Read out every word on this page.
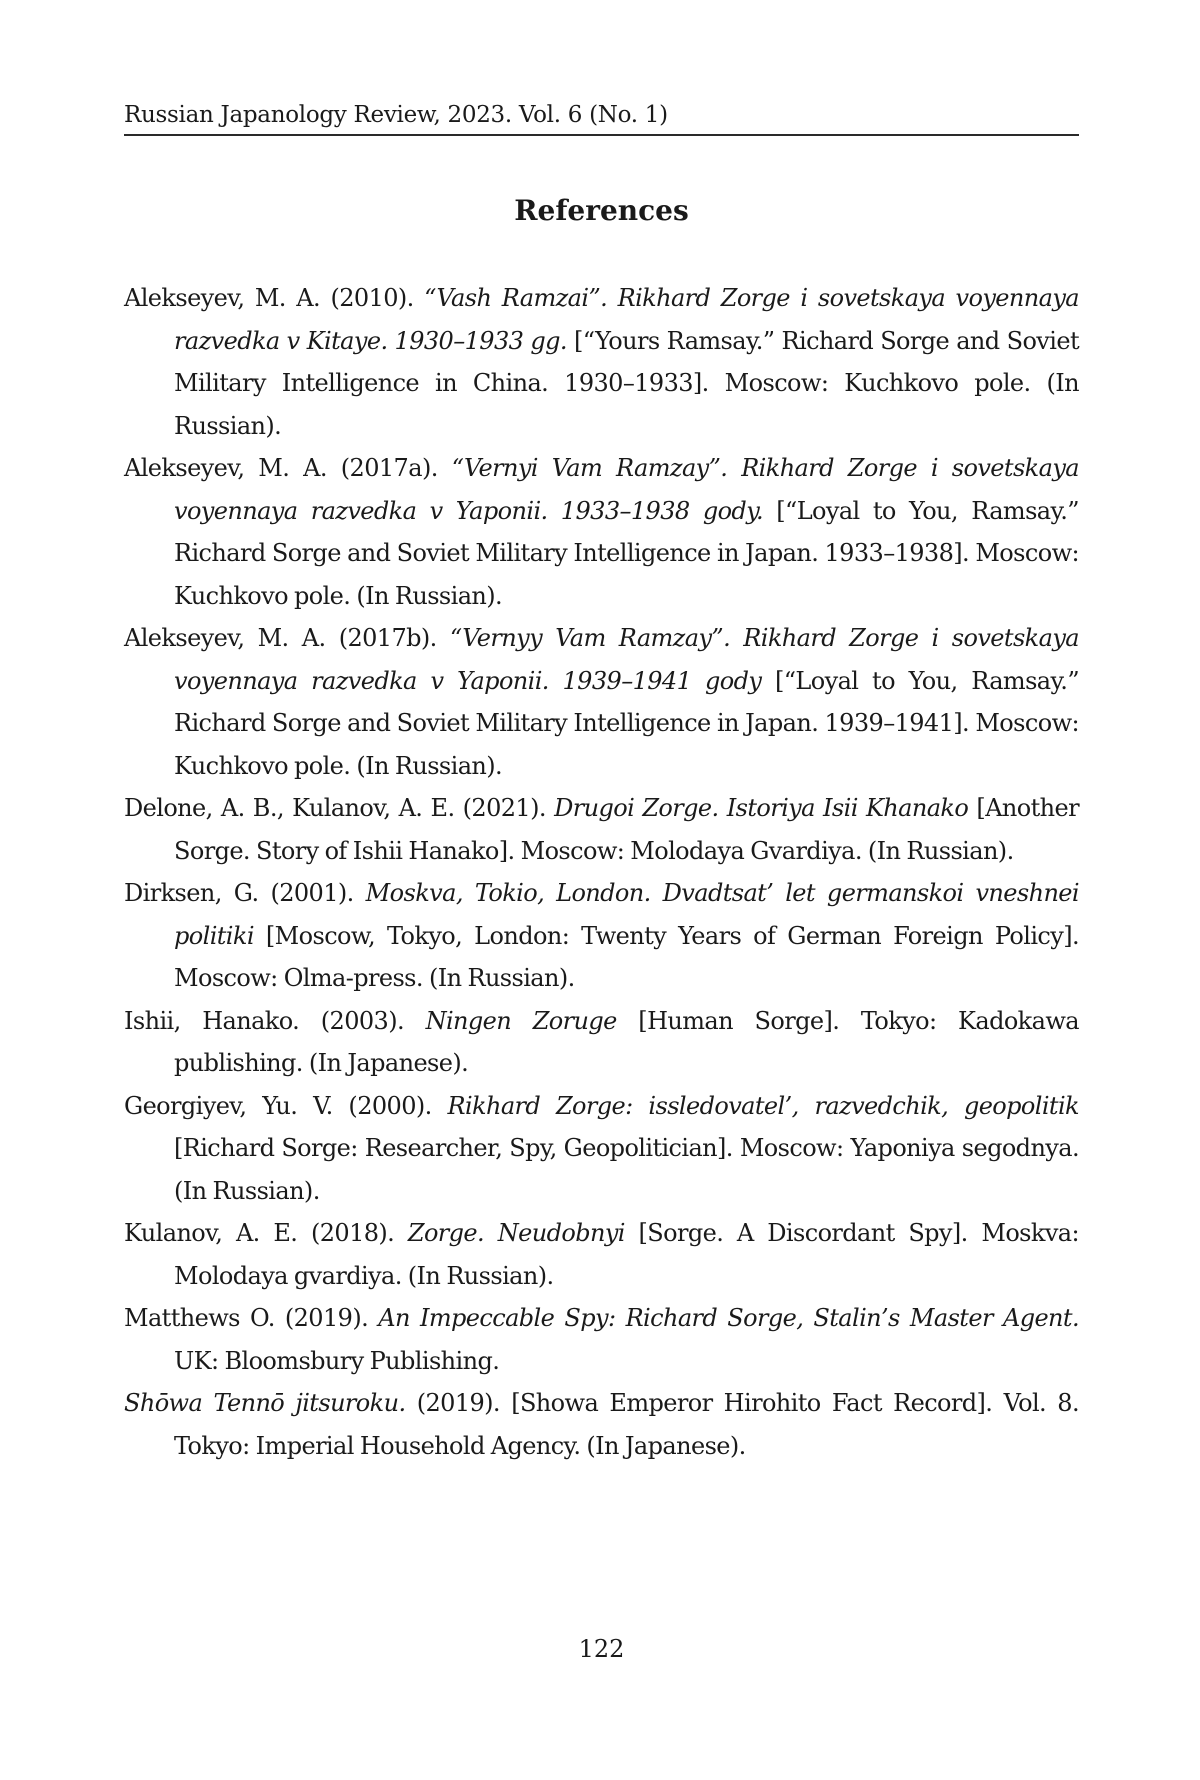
Russian Japanology Review, 2023. Vol. 6 (No. 1)
References
Alekseyev, M. A. (2010). “Vash Ramzai”. Rikhard Zorge i sovetskaya voyennaya razvedka v Kitaye. 1930–1933 gg. [“Yours Ramsay.” Richard Sorge and Soviet Military Intelligence in China. 1930–1933]. Moscow: Kuchkovo pole. (In Russian).
Alekseyev, M. A. (2017a). “Vernyi Vam Ramzay”. Rikhard Zorge i sovetskaya voyennaya razvedka v Yaponii. 1933–1938 gody. [“Loyal to You, Ramsay.” Richard Sorge and Soviet Military Intelligence in Japan. 1933–1938]. Moscow: Kuchkovo pole. (In Russian).
Alekseyev, M. A. (2017b). “Vernyy Vam Ramzay”. Rikhard Zorge i sovetskaya voyennaya razvedka v Yaponii. 1939–1941 gody [“Loyal to You, Ramsay.” Richard Sorge and Soviet Military Intelligence in Japan. 1939–1941]. Moscow: Kuchkovo pole. (In Russian).
Delone, A. B., Kulanov, A. E. (2021). Drugoi Zorge. Istoriya Isii Khanako [Another Sorge. Story of Ishii Hanako]. Moscow: Molodaya Gvardiya. (In Russian).
Dirksen, G. (2001). Moskva, Tokio, London. Dvadtsat’ let germanskoi vneshnei politiki [Moscow, Tokyo, London: Twenty Years of German Foreign Policy]. Moscow: Olma-press. (In Russian).
Ishii, Hanako. (2003). Ningen Zoruge [Human Sorge]. Tokyo: Kadokawa publishing. (In Japanese).
Georgiyev, Yu. V. (2000). Rikhard Zorge: issledovatel’, razvedchik, geopolitik [Richard Sorge: Researcher, Spy, Geopolitician]. Moscow: Yaponiya segodnya. (In Russian).
Kulanov, A. E. (2018). Zorge. Neudobnyi [Sorge. A Discordant Spy]. Moskva: Molodaya gvardiya. (In Russian).
Matthews O. (2019). An Impeccable Spy: Richard Sorge, Stalin’s Master Agent. UK: Bloomsbury Publishing.
Shōwa Tennō jitsuroku. (2019). [Showa Emperor Hirohito Fact Record]. Vol. 8. Tokyo: Imperial Household Agency. (In Japanese).
122
